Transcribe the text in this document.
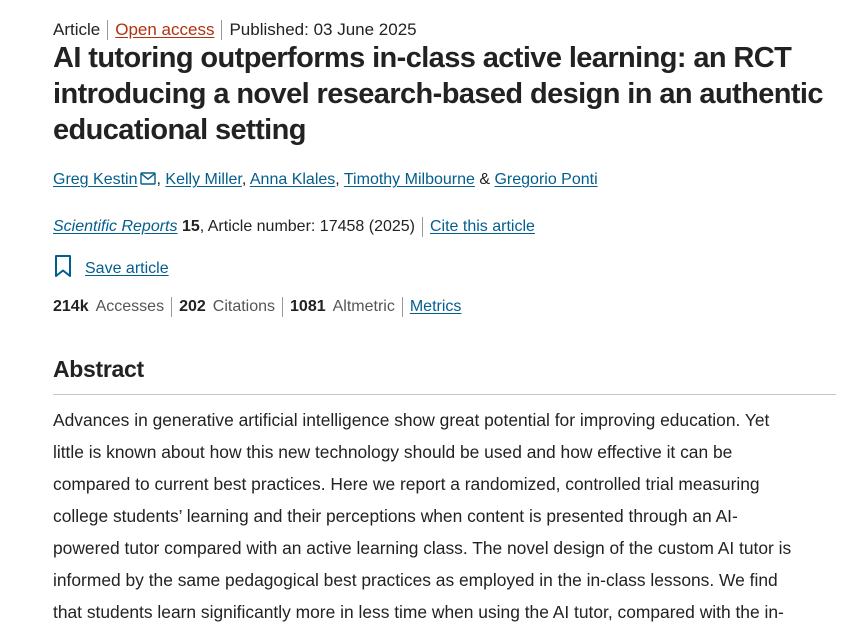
Article Open access Published: 03 June 2025
AI tutoring outperforms in-class active learning: an RCT introducing a novel research-based design in an authentic educational setting
Greg Kestin , Kelly Miller, Anna Klales, Timothy Milbourne & Gregorio Ponti
Scientific Reports
15 , Article number: 17458 (2025) Cite this article
Save article
214k Accesses 202 Citations 1081 Altmetric Metrics
Abstract
Advances in generative artificial intelligence show great potential for improving education. Yet
little is known about how this new technology should be used and how effective it can be
compared to current best practices. Here we report a randomized, controlled trial measuring
college students’ learning and their perceptions when content is presented through an AI-
powered tutor compared with an active learning class. The novel design of the custom AI tutor is
informed by the same pedagogical best practices as employed in the in-class lessons. We find
that students learn significantly more in less time when using the AI tutor, compared with the in-
